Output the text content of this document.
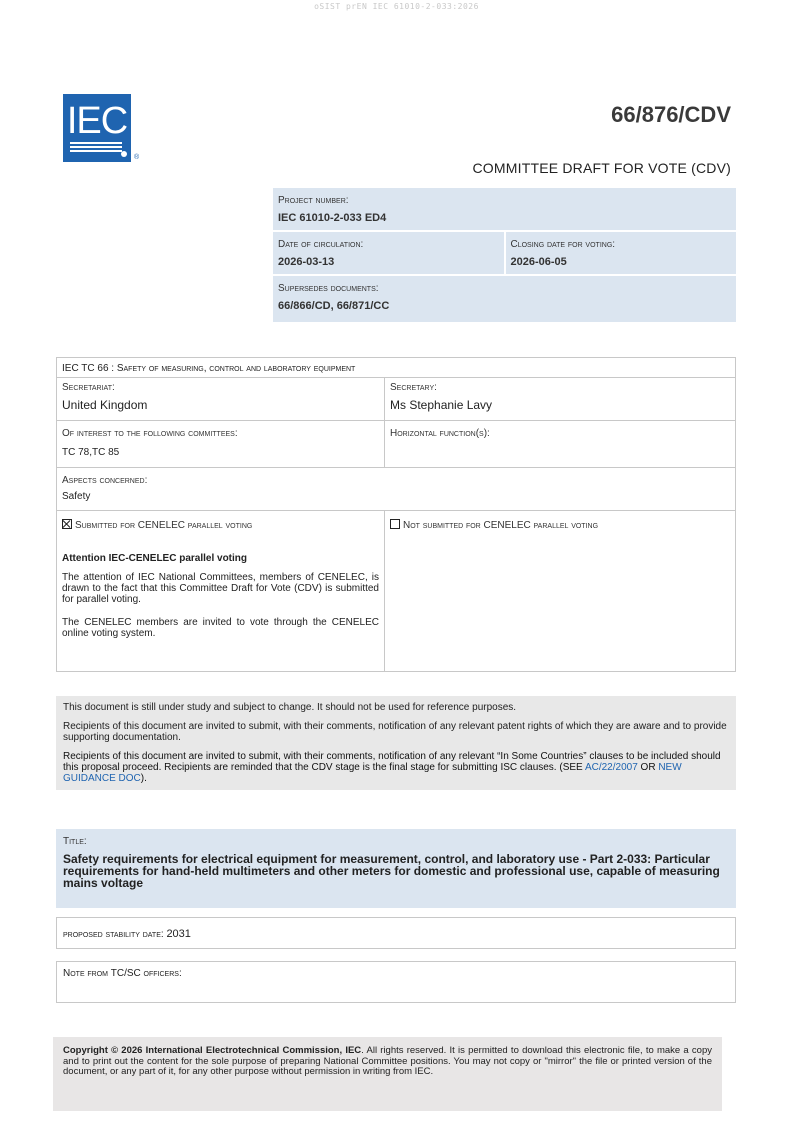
oSIST prEN IEC 61010-2-033:2026
IEC
®
66/876/CDV
COMMITTEE DRAFT FOR VOTE (CDV)
Project number:
IEC 61010-2-033 ED4
Date of circulation:
2026-03-13
Closing date for voting:
2026-06-05
Supersedes documents:
66/866/CD, 66/871/CC
IEC TC 66 : Safety of measuring, control and laboratory equipment
Secretariat:
United Kingdom
Secretary:
Ms Stephanie Lavy
Of interest to the following committees:
TC 78,TC 85
Horizontal function(s):
Aspects concerned:
Safety
Submitted for CENELEC parallel voting
Attention IEC-CENELEC parallel voting
The attention of IEC National Committees, members of CENELEC, is drawn to the fact that this Committee Draft for Vote (CDV) is submitted for parallel voting.
The CENELEC members are invited to vote through the CENELEC online voting system.
Not submitted for CENELEC parallel voting

This document is still under study and subject to change. It should not be used for reference purposes.

Recipients of this document are invited to submit, with their comments, notification of any relevant patent rights of which they are aware and to provide supporting documentation.

Recipients of this document are invited to submit, with their comments, notification of any relevant “In Some Countries” clauses to be included should this proposal proceed. Recipients are reminded that the CDV stage is the final stage for submitting ISC clauses. (SEE AC/22/2007 OR NEW GUIDANCE DOC).

Title:
Safety requirements for electrical equipment for measurement, control, and laboratory use - Part 2-033: Particular requirements for hand-held multimeters and other meters for domestic and professional use, capable of measuring mains voltage
proposed stability date: 2031
Note from TC/SC officers:
Copyright © 2026 International Electrotechnical Commission, IEC. All rights reserved. It is permitted to download this electronic file, to make a copy and to print out the content for the sole purpose of preparing National Committee positions. You may not copy or "mirror" the file or printed version of the document, or any part of it, for any other purpose without permission in writing from IEC.
